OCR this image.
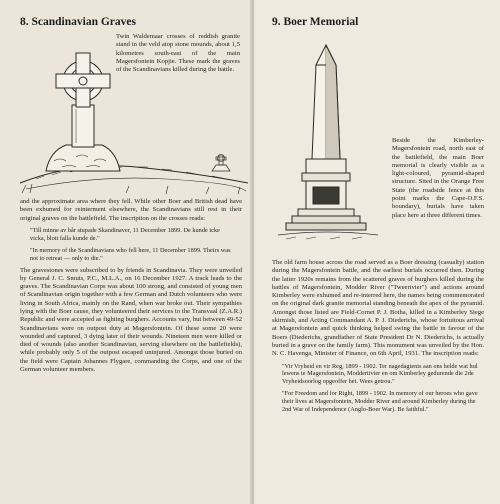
8. Scandinavian Graves

Twin Waldemaar crosses of reddish granite stand in the veld atop stone mounds, about 1,5 kilometres south-east of the main Magersfontein Kopjie. These mark the graves of the Scandinavians killed during the battle.

and the approximate area where they fell. While other Boer and British dead have been exhumed for reinterment elsewhere, the Scandinavians still rest in their original graves on the battlefield. The inscription on the crosses reads:

"Till minne av bår stupade Skandinaver, 11 December 1899. De kunde icke vicka, blott falla kunde de."

"In memory of the Scandinavians who fell here, 11 December 1899. Theirs was not to retreat — only to die."

The gravestones were subscribed to by friends in Scandinavia. They were unveiled by General J. C. Smuts, P.C., M.L.A., on 16 December 1927. A track leads to the graves. The Scandinavian Corps was about 100 strong, and consisted of young men of Scandinavian origin together with a few German and Dutch volunteers who were living in South Africa, mainly on the Rand, when war broke out. Their sympathies lying with the Boer cause, they volunteered their services to the Transvaal (Z.A.R.) Republic and were accepted as fighting burghers. Accounts vary, but between 49-52 Scandinavians were on outpost duty at Magersfontein. Of these some 20 were wounded and captured, 3 dying later of their wounds. Nineteen men were killed or died of wounds (also another Scandinavian, serving elsewhere on the battlefields), while probably only 5 of the outpost escaped uninjured. Amongst those buried on the field were Captain Johannes Flygare, commanding the Corps, and one of the German volunteer members.

9. Boer Memorial

Beside the Kimberley-Magersfontein road, north east of the battlefield, the main Boer memorial is clearly visible as a light-coloured, pyramid-shaped structure. Sited in the Orange Free State (the roadside fence at this point marks the Cape-O.F.S. boundary), burials have taken place here at three different times.

The old farm house across the road served as a Boer dressing (casualty) station during the Magersfontein battle, and the earliest burials occurred then. During the latter 1920s remains from the scattered graves of burghers killed during the battles of Magersfontein, Modder River ("Tweerivier") and actions around Kimberley were exhumed and re-interred here, the names being commemorated on the original dark granite memorial standing beneath the apex of the pyramid. Amongst those listed are Field-Cornet P. J. Botha, killed in a Kimberley Siege skirmish, and Acting Commandant A. P. J. Diederichs, whose fortuitous arrival at Magersfontein and quick thinking helped swing the battle in favour of the Boers (Diederichs, grandfather of State President Dr N. Diederichs, is actually buried in a grave on the family farm). This monument was unveiled by the Hon. N. C. Havenga, Minister of Finance, on 6th April, 1931. The inscription reads:

"Vir Vryheid en vir Reg, 1899 - 1902. Ter nagedagtenis aan ons helde wat hul lewens te Magersfontein, Moddertivier en om Kimberley gedurende die 2de Vryheidsoorlog opgeoffer het. Wees getrou."

"For Freedom and for Right, 1899 - 1902. In memory of our heroes who gave their lives at Magersfontein, Modder River and around Kimberley during the 2nd War of Independence (Anglo-Boer War). Be faithful."
